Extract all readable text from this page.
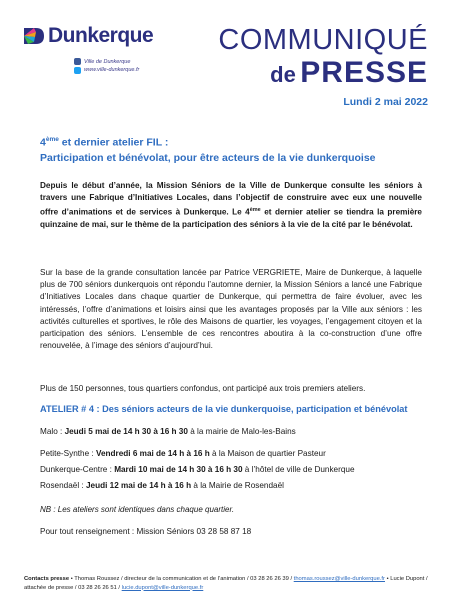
Dunkerque
Ville de Dunkerque
www.ville-dunkerque.fr
COMMUNIQUÉ
de PRESSE
Lundi 2 mai 2022
4ème et dernier atelier FIL :
Participation et bénévolat, pour être acteurs de la vie dunkerquoise
Depuis le début d’année, la Mission Séniors de la Ville de Dunkerque consulte les séniors à travers une Fabrique d’Initiatives Locales, dans l’objectif de construire avec eux une nouvelle offre d’animations et de services à Dunkerque. Le 4ème et dernier atelier se tiendra la première quinzaine de mai, sur le thème de la participation des séniors à la vie de la cité par le bénévolat.
Sur la base de la grande consultation lancée par Patrice VERGRIETE, Maire de Dunkerque, à laquelle plus de 700 séniors dunkerquois ont répondu l’automne dernier, la Mission Séniors a lancé une Fabrique d’Initiatives Locales dans chaque quartier de Dunkerque, qui permettra de faire évoluer, avec les intéressés, l’offre d’animations et loisirs ainsi que les avantages proposés par la Ville aux séniors : les activités culturelles et sportives, le rôle des Maisons de quartier, les voyages, l’engagement citoyen et la participation des séniors. L’ensemble de ces rencontres aboutira à la co-construction d’une offre renouvelée, à l’image des séniors d’aujourd’hui.
Plus de 150 personnes, tous quartiers confondus, ont participé aux trois premiers ateliers.
ATELIER # 4 : Des séniors acteurs de la vie dunkerquoise, participation et bénévolat
Malo : Jeudi 5 mai de 14 h 30 à 16 h 30 à la mairie de Malo-les-Bains
Petite-Synthe : Vendredi 6 mai de 14 h à 16 h à la Maison de quartier Pasteur
Dunkerque-Centre : Mardi 10 mai de 14 h 30 à 16 h 30 à l’hôtel de ville de Dunkerque
Rosendaël : Jeudi 12 mai de 14 h à 16 h à la Mairie de Rosendaël
NB : Les ateliers sont identiques dans chaque quartier.
Pour tout renseignement : Mission Séniors 03 28 58 87 18
Contacts presse • Thomas Roussez / directeur de la communication et de l’animation / 03 28 26 26 39 / thomas.roussez@ville-dunkerque.fr • Lucie Dupont / attachée de presse / 03 28 26 26 51 / lucie.dupont@ville-dunkerque.fr
